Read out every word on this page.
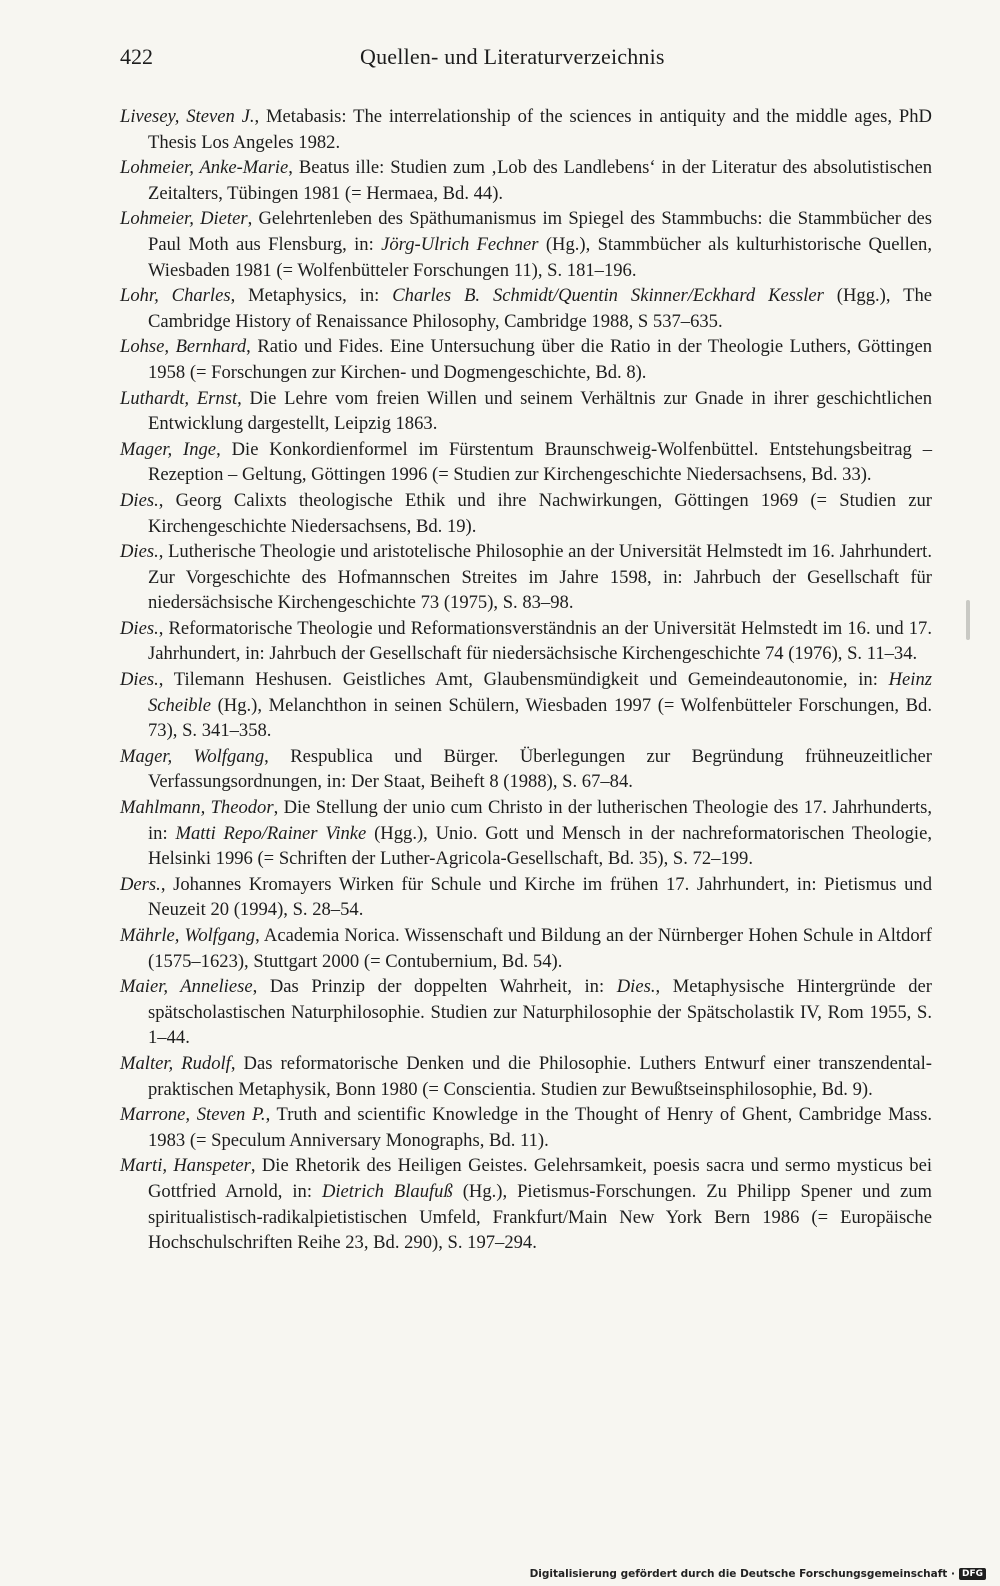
422	Quellen- und Literaturverzeichnis

Livesey, Steven J., Metabasis: The interrelationship of the sciences in antiquity and the middle ages, PhD Thesis Los Angeles 1982.

Lohmeier, Anke-Marie, Beatus ille: Studien zum ‚Lob des Landlebens‘ in der Literatur des absolutistischen Zeitalters, Tübingen 1981 (= Hermaea, Bd. 44).

Lohmeier, Dieter, Gelehrtenleben des Späthumanismus im Spiegel des Stammbuchs: die Stammbücher des Paul Moth aus Flensburg, in: Jörg-Ulrich Fechner (Hg.), Stammbücher als kulturhistorische Quellen, Wiesbaden 1981 (= Wolfenbütteler Forschungen 11), S. 181–196.

Lohr, Charles, Metaphysics, in: Charles B. Schmidt/Quentin Skinner/Eckhard Kessler (Hgg.), The Cambridge History of Renaissance Philosophy, Cambridge 1988, S 537–635.

Lohse, Bernhard, Ratio und Fides. Eine Untersuchung über die Ratio in der Theologie Luthers, Göttingen 1958 (= Forschungen zur Kirchen- und Dogmengeschichte, Bd. 8).

Luthardt, Ernst, Die Lehre vom freien Willen und seinem Verhältnis zur Gnade in ihrer geschichtlichen Entwicklung dargestellt, Leipzig 1863.

Mager, Inge, Die Konkordienformel im Fürstentum Braunschweig-Wolfenbüttel. Entstehungsbeitrag – Rezeption – Geltung, Göttingen 1996 (= Studien zur Kirchengeschichte Niedersachsens, Bd. 33).

Dies., Georg Calixts theologische Ethik und ihre Nachwirkungen, Göttingen 1969 (= Studien zur Kirchengeschichte Niedersachsens, Bd. 19).

Dies., Lutherische Theologie und aristotelische Philosophie an der Universität Helmstedt im 16. Jahrhundert. Zur Vorgeschichte des Hofmannschen Streites im Jahre 1598, in: Jahrbuch der Gesellschaft für niedersächsische Kirchengeschichte 73 (1975), S. 83–98.

Dies., Reformatorische Theologie und Reformationsverständnis an der Universität Helmstedt im 16. und 17. Jahrhundert, in: Jahrbuch der Gesellschaft für niedersächsische Kirchengeschichte 74 (1976), S. 11–34.

Dies., Tilemann Heshusen. Geistliches Amt, Glaubensmündigkeit und Gemeindeautonomie, in: Heinz Scheible (Hg.), Melanchthon in seinen Schülern, Wiesbaden 1997 (= Wolfenbütteler Forschungen, Bd. 73), S. 341–358.

Mager, Wolfgang, Respublica und Bürger. Überlegungen zur Begründung frühneuzeitlicher Verfassungsordnungen, in: Der Staat, Beiheft 8 (1988), S. 67–84.

Mahlmann, Theodor, Die Stellung der unio cum Christo in der lutherischen Theologie des 17. Jahrhunderts, in: Matti Repo/Rainer Vinke (Hgg.), Unio. Gott und Mensch in der nachreformatorischen Theologie, Helsinki 1996 (= Schriften der Luther-Agricola-Gesellschaft, Bd. 35), S. 72–199.

Ders., Johannes Kromayers Wirken für Schule und Kirche im frühen 17. Jahrhundert, in: Pietismus und Neuzeit 20 (1994), S. 28–54.

Mährle, Wolfgang, Academia Norica. Wissenschaft und Bildung an der Nürnberger Hohen Schule in Altdorf (1575–1623), Stuttgart 2000 (= Contubernium, Bd. 54).

Maier, Anneliese, Das Prinzip der doppelten Wahrheit, in: Dies., Metaphysische Hintergründe der spätscholastischen Naturphilosophie. Studien zur Naturphilosophie der Spätscholastik IV, Rom 1955, S. 1–44.

Malter, Rudolf, Das reformatorische Denken und die Philosophie. Luthers Entwurf einer transzendental-praktischen Metaphysik, Bonn 1980 (= Conscientia. Studien zur Bewußtseinsphilosophie, Bd. 9).

Marrone, Steven P., Truth and scientific Knowledge in the Thought of Henry of Ghent, Cambridge Mass. 1983 (= Speculum Anniversary Monographs, Bd. 11).

Marti, Hanspeter, Die Rhetorik des Heiligen Geistes. Gelehrsamkeit, poesis sacra und sermo mysticus bei Gottfried Arnold, in: Dietrich Blaufuß (Hg.), Pietismus-Forschungen. Zu Philipp Spener und zum spiritualistisch-radikalpietistischen Umfeld, Frankfurt/Main New York Bern 1986 (= Europäische Hochschulschriften Reihe 23, Bd. 290), S. 197–294.

Digitalisierung gefördert durch die Deutsche Forschungsgemeinschaft · DFG
